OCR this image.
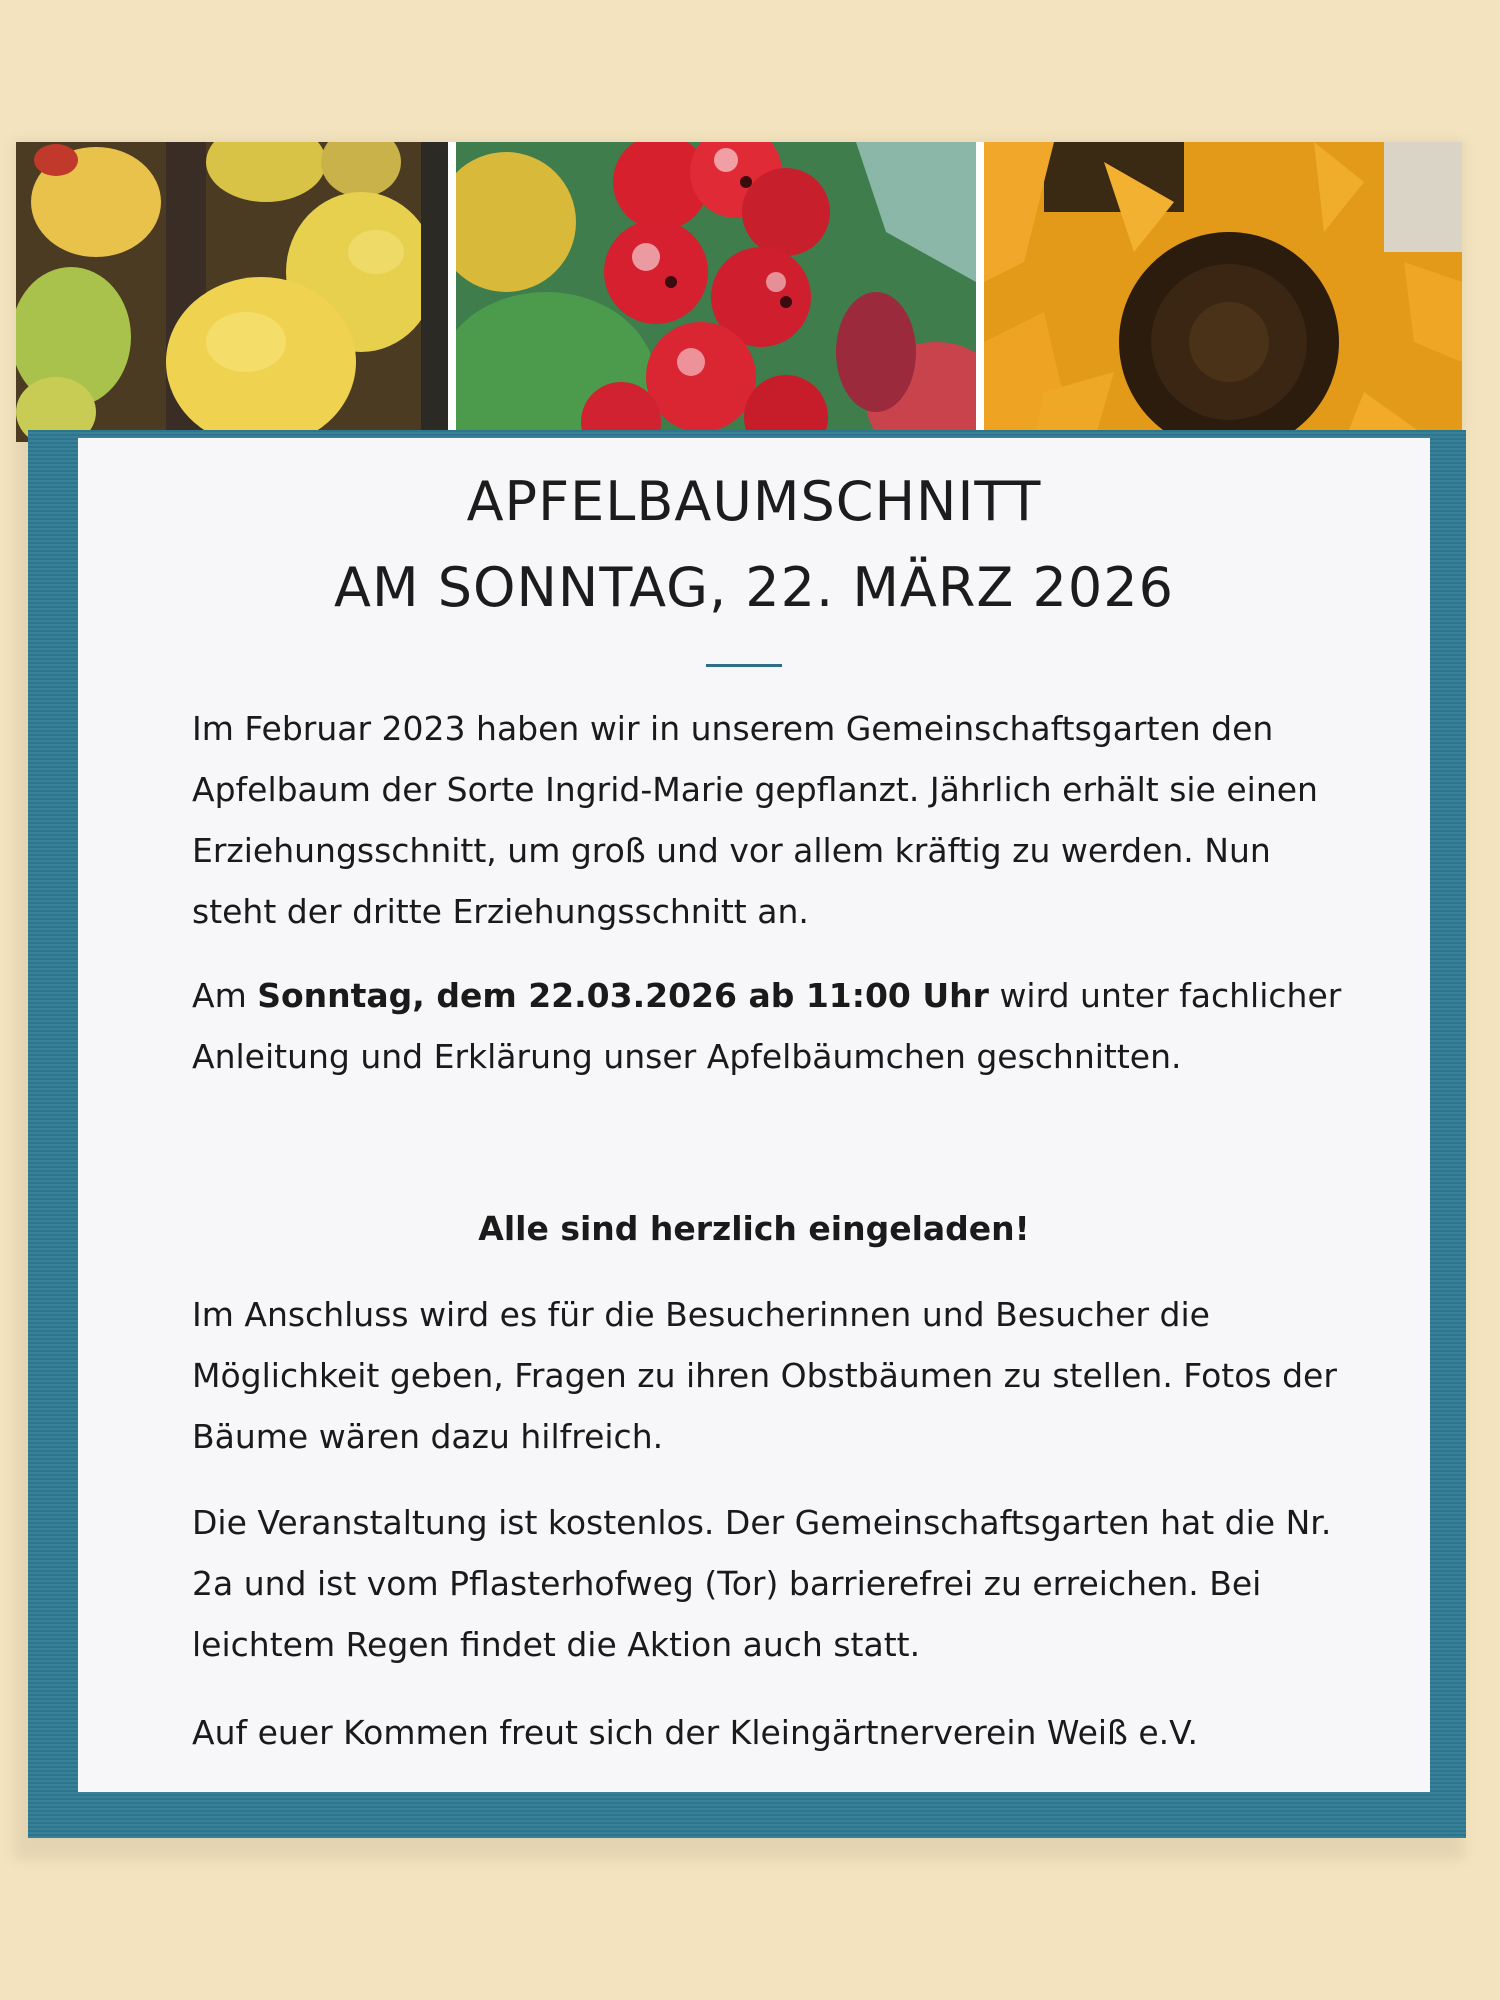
APFELBAUMSCHNITT
AM SONNTAG, 22. MÄRZ 2026

Im Februar 2023 haben wir in unserem Gemeinschaftsgarten den Apfelbaum der Sorte Ingrid-Marie gepflanzt. Jährlich erhält sie einen Erziehungsschnitt, um groß und vor allem kräftig zu werden. Nun steht der dritte Erziehungsschnitt an.

Am Sonntag, dem 22.03.2026 ab 11:00 Uhr wird unter fachlicher Anleitung und Erklärung unser Apfelbäumchen geschnitten.

Alle sind herzlich eingeladen!

Im Anschluss wird es für die Besucherinnen und Besucher die Möglichkeit geben, Fragen zu ihren Obstbäumen zu stellen. Fotos der Bäume wären dazu hilfreich.

Die Veranstaltung ist kostenlos. Der Gemeinschaftsgarten hat die Nr. 2a und ist vom Pflasterhofweg (Tor) barrierefrei zu erreichen. Bei leichtem Regen findet die Aktion auch statt.

Auf euer Kommen freut sich der Kleingärtnerverein Weiß e.V.
